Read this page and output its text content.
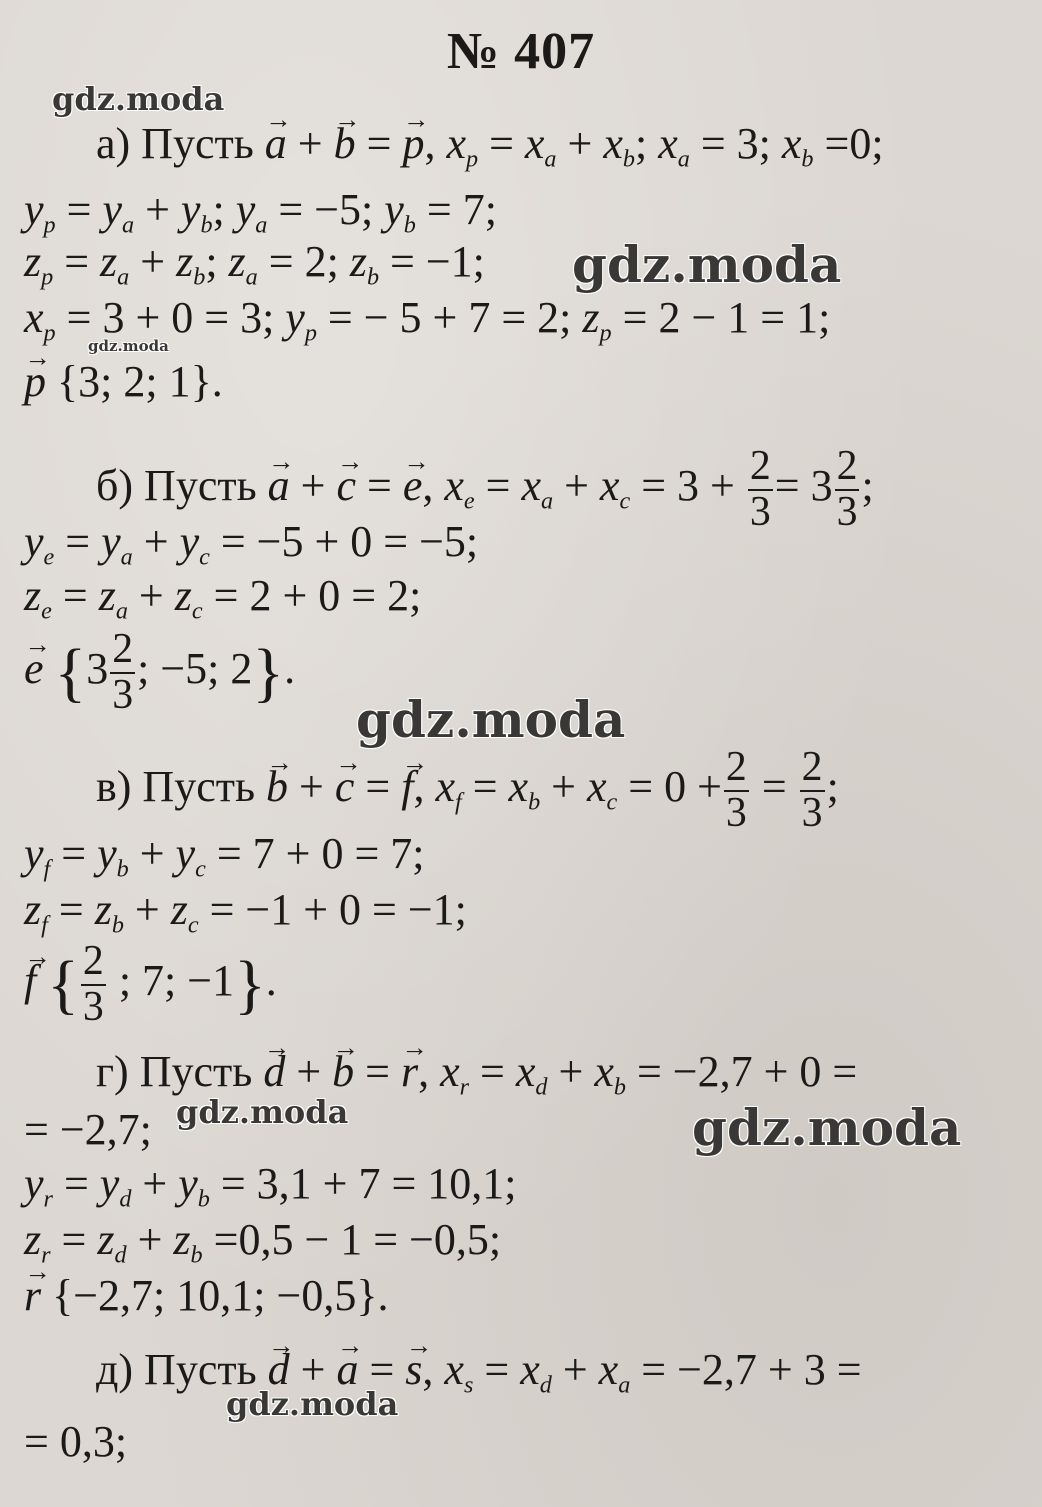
№ 407
gdz.moda
gdz.moda
gdz.moda
gdz.moda
gdz.moda	gdz.moda
gdz.moda
а) Пусть → a + → b = → p, $x_p = x_a + x_b$; $x_a = 3$; $x_b =0$;
$y_p = y_a + y_b$; $y_a = -5$; $y_b = 7$;
$z_p = z_a + z_b$; $z_a = 2$; $z_b = -1$;
$x_p = 3 + 0 = 3$; $y_p$ = − 5 + 7 = 2; $z_p = 2 - 1 = 1$;
→ p {3; 2; 1}.
б) Пусть → a + → c = → e, $x_e = x_a + x_c = 3 + \frac{2}{3} = 3 \frac{2}{3}$ ;
$y_e = y_a + y_c = -5 + 0 = -5$;
$z_e = z_a + z_c = 2 + 0 = 2$;
→ e {$3 \frac{2}{3}$ ; −5; 2}.
в) Пусть → b + → c = → f, $x_f = x_b + x_c = 0 + \frac{2}{3} = \frac{2}{3}$ ;
$y_f = y_b + y_c = 7 + 0 = 7$;
$z_f = z_b + z_c = -1 + 0 = -1$;
→ f { $\frac{2}{3}$ ; 7; −1}.
г) Пусть → d + → b = → r, $x_r = x_d + x_b = -2,7 + 0$ =
= −2,7;
$y_r = y_d + y_b = 3,1 + 7 = 10,1$;
$z_r = z_d + z_b =0,5 - 1 = -0,5$;
→ r {−2,7; 10,1; −0,5}.
д) Пусть → d + → a = → s, $x_s = x_d + x_a = -2,7 + 3$ =
= 0,3;
